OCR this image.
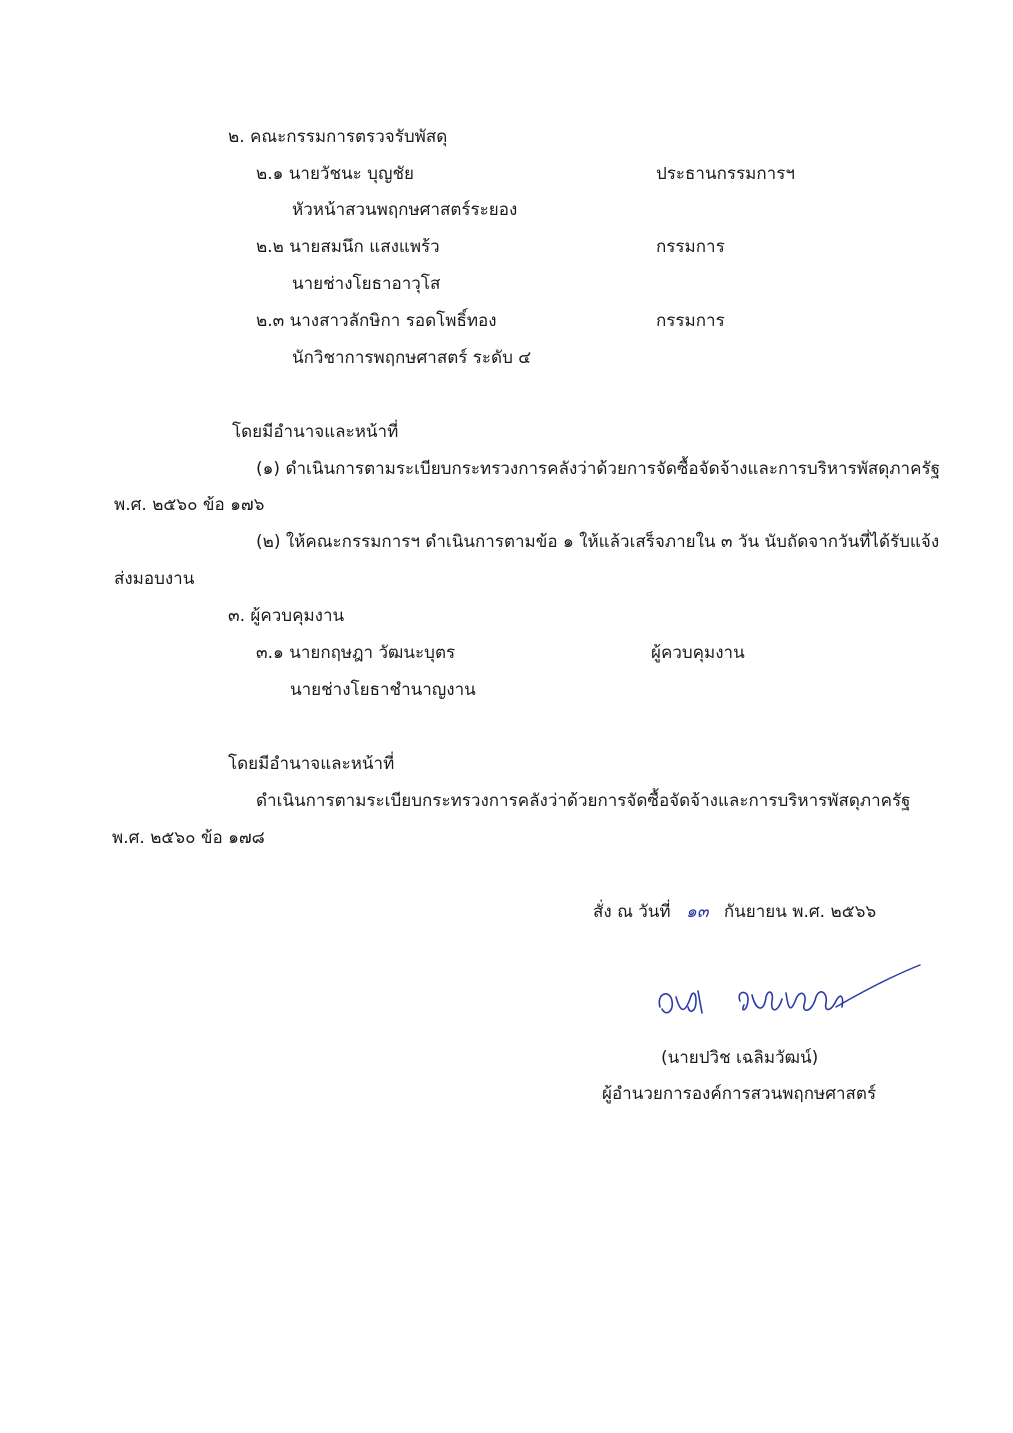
๒. คณะกรรมการตรวจรับพัสดุ
๒.๑ นายวัชนะ บุญชัย	ประธานกรรมการฯ
หัวหน้าสวนพฤกษศาสตร์ระยอง
๒.๒ นายสมนึก แสงแพร้ว	กรรมการ
นายช่างโยธาอาวุโส
๒.๓ นางสาวลักษิกา รอดโพธิ์ทอง	กรรมการ
นักวิชาการพฤกษศาสตร์ ระดับ ๔
โดยมีอำนาจและหน้าที่
(๑) ดำเนินการตามระเบียบกระทรวงการคลังว่าด้วยการจัดซื้อจัดจ้างและการบริหารพัสดุภาครัฐ
พ.ศ. ๒๕๖๐ ข้อ ๑๗๖
(๒) ให้คณะกรรมการฯ ดำเนินการตามข้อ ๑ ให้แล้วเสร็จภายใน ๓ วัน นับถัดจากวันที่ได้รับแจ้ง
ส่งมอบงาน
๓. ผู้ควบคุมงาน
๓.๑ นายกฤษฎา วัฒนะบุตร	ผู้ควบคุมงาน
นายช่างโยธาชำนาญงาน
โดยมีอำนาจและหน้าที่
ดำเนินการตามระเบียบกระทรวงการคลังว่าด้วยการจัดซื้อจัดจ้างและการบริหารพัสดุภาครัฐ
พ.ศ. ๒๕๖๐ ข้อ ๑๗๘
สั่ง ณ วันที่ ๑๓ กันยายน พ.ศ. ๒๕๖๖
(นายปวิช เฉลิมวัฒน์)
ผู้อำนวยการองค์การสวนพฤกษศาสตร์
